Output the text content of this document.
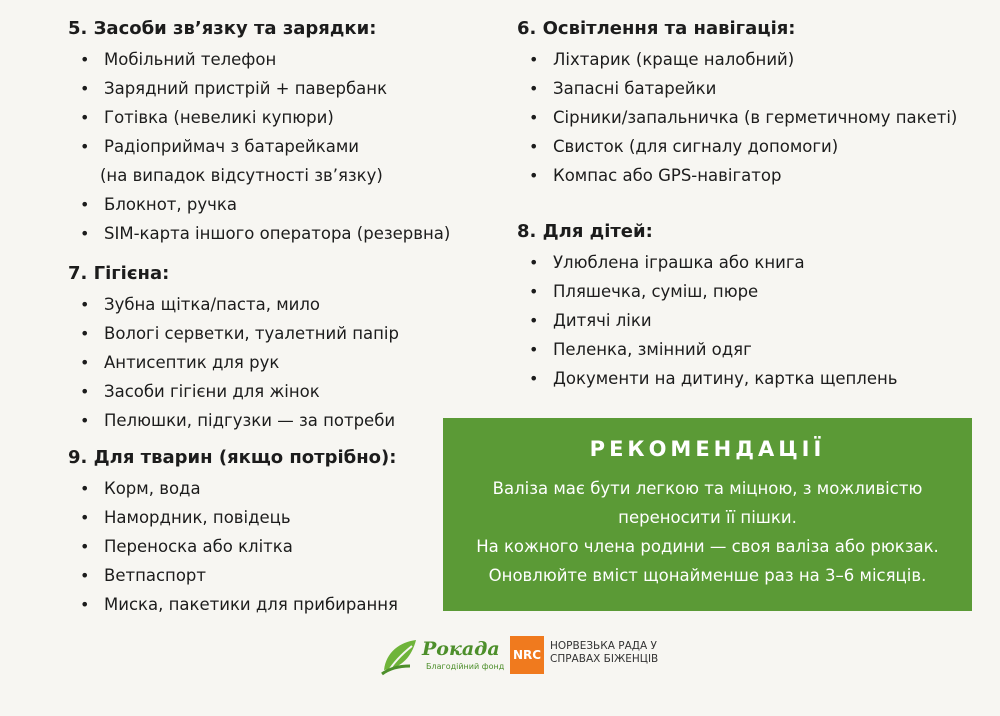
5. Засоби зв’язку та зарядки:
• Мобільний телефон
• Зарядний пристрій + павербанк
• Готівка (невеликі купюри)
• Радіоприймач з батарейками
(на випадок відсутності зв’язку)
• Блокнот, ручка
• SIM-карта іншого оператора (резервна)
7. Гігієна:
• Зубна щітка/паста, мило
• Вологі серветки, туалетний папір
• Антисептик для рук
• Засоби гігієни для жінок
• Пелюшки, підгузки — за потреби
9. Для тварин (якщо потрібно):
• Корм, вода
• Намордник, повідець
• Переноска або клітка
• Ветпаспорт
• Миска, пакетики для прибирання
6. Освітлення та навігація:
• Ліхтарик (краще налобний)
• Запасні батарейки
• Сірники/запальничка (в герметичному пакеті)
• Свисток (для сигналу допомоги)
• Компас або GPS-навігатор
8. Для дітей:
• Улюблена іграшка або книга
• Пляшечка, суміш, пюре
• Дитячі ліки
• Пеленка, змінний одяг
• Документи на дитину, картка щеплень
РЕКОМЕНДАЦІЇ

Валіза має бути легкою та міцною, з можливістю

переносити її пішки.

На кожного члена родини — своя валіза або рюкзак.

Оновлюйте вміст щонайменше раз на 3–6 місяців.

Рокада
Благодійний фонд
NRC
НОРВЕЗЬКА РАДА У
СПРАВАХ БІЖЕНЦІВ
